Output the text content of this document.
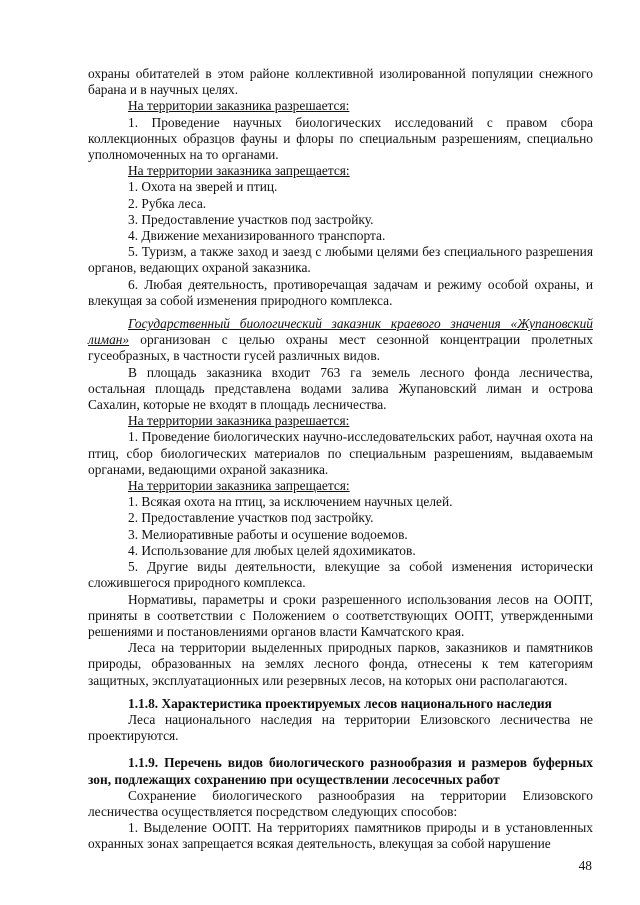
охраны обитателей в этом районе коллективной изолированной популяции снежного барана и в научных целях.

На территории заказника разрешается:

1. Проведение научных биологических исследований с правом сбора коллекционных образцов фауны и флоры по специальным разрешениям, специально уполномоченных на то органами.

На территории заказника запрещается:

1. Охота на зверей и птиц.

2. Рубка леса.

3. Предоставление участков под застройку.

4. Движение механизированного транспорта.

5. Туризм, а также заход и заезд с любыми целями без специального разрешения органов, ведающих охраной заказника.

6. Любая деятельность, противоречащая задачам и режиму особой охраны, и влекущая за собой изменения природного комплекса.

Государственный биологический заказник краевого значения «Жупановский лиман» организован с целью охраны мест сезонной концентрации пролетных гусеобразных, в частности гусей различных видов.

В площадь заказника входит 763 га земель лесного фонда лесничества, остальная площадь представлена водами залива Жупановский лиман и острова Сахалин, которые не входят в площадь лесничества.

На территории заказника разрешается:

1. Проведение биологических научно-исследовательских работ, научная охота на птиц, сбор биологических материалов по специальным разрешениям, выдаваемым органами, ведающими охраной заказника.

На территории заказника запрещается:

1. Всякая охота на птиц, за исключением научных целей.

2. Предоставление участков под застройку.

3. Мелиоративные работы и осушение водоемов.

4. Использование для любых целей ядохимикатов.

5. Другие виды деятельности, влекущие за собой изменения исторически сложившегося природного комплекса.

Нормативы, параметры и сроки разрешенного использования лесов на ООПТ, приняты в соответствии с Положением о соответствующих ООПТ, утвержденными решениями и постановлениями органов власти Камчатского края.

Леса на территории выделенных природных парков, заказников и памятников природы, образованных на землях лесного фонда, отнесены к тем категориям защитных, эксплуатационных или резервных лесов, на которых они располагаются.

1.1.8. Характеристика проектируемых лесов национального наследия

Леса национального наследия на территории Елизовского лесничества не проектируются.

1.1.9. Перечень видов биологического разнообразия и размеров буферных зон, подлежащих сохранению при осуществлении лесосечных работ

Сохранение биологического разнообразия на территории Елизовского лесничества осуществляется посредством следующих способов:

1. Выделение ООПТ. На территориях памятников природы и в установленных охранных зонах запрещается всякая деятельность, влекущая за собой нарушение

48
